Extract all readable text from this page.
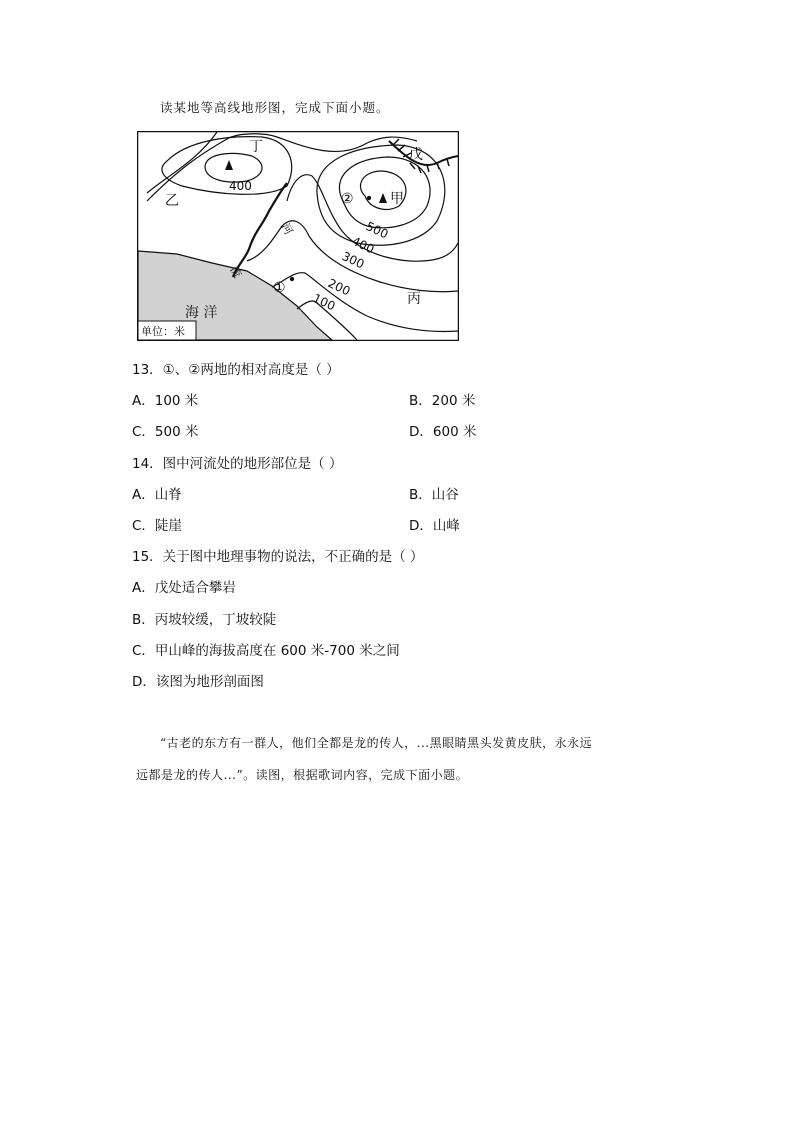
读某地等高线地形图，完成下面小题。
丁	戊
乙	甲
丙
②
①
海 洋
河
流
400
500
400
300
200
100
单位：米
13．①、②两地的相对高度是（ ）
A．100 米	B．200 米
C．500 米	D．600 米
14．图中河流处的地形部位是（ ）
A．山脊	B．山谷
C．陡崖	D．山峰
15．关于图中地理事物的说法，不正确的是（ ）
A．戊处适合攀岩
B．丙坡较缓，丁坡较陡
C．甲山峰的海拔高度在 600 米-700 米之间
D．该图为地形剖面图
“古老的东方有一群人，他们全都是龙的传人，...黑眼睛黑头发黄皮肤，永永远
远都是龙的传人...”。读图，根据歌词内容，完成下面小题。
